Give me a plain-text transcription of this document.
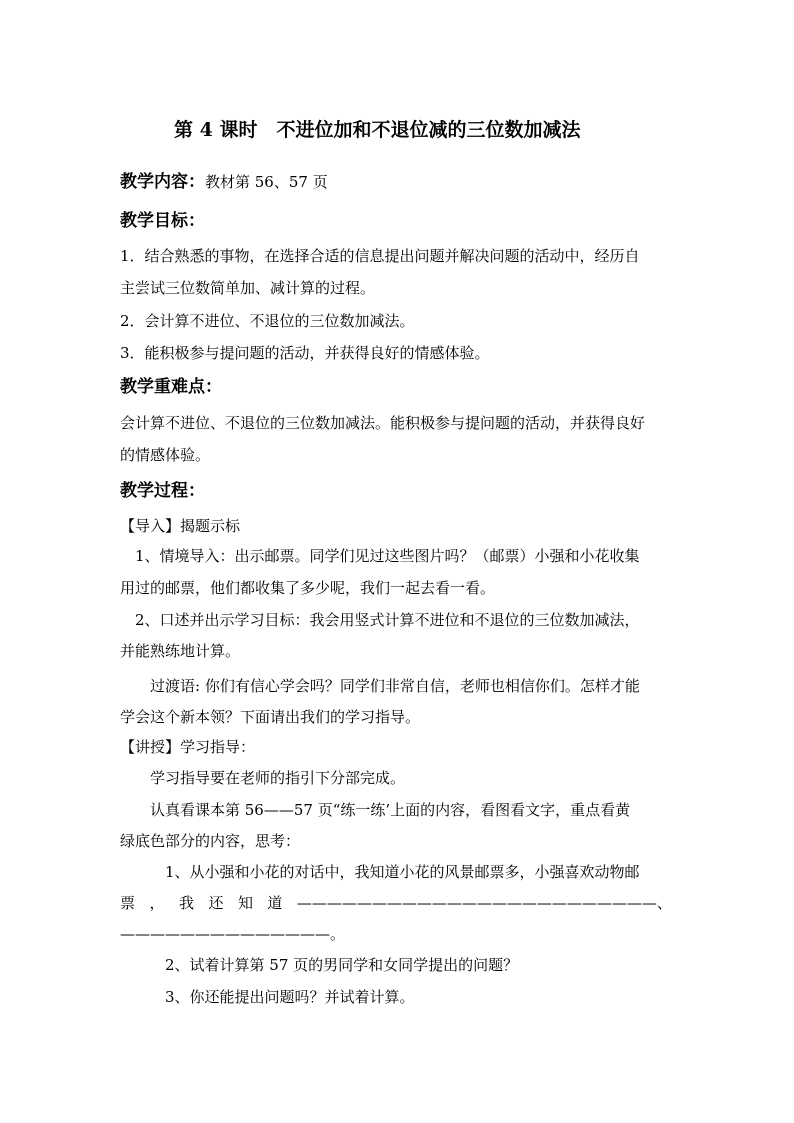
第 4 课时　不进位加和不退位减的三位数加减法
教学内容：教材第 56、57 页
教学目标：
1．结合熟悉的事物，在选择合适的信息提出问题并解决问题的活动中，经历自
主尝试三位数简单加、减计算的过程。
2．会计算不进位、不退位的三位数加减法。
3．能积极参与提问题的活动，并获得良好的情感体验。
教学重难点：
会计算不进位、不退位的三位数加减法。能积极参与提问题的活动，并获得良好
的情感体验。
教学过程：
【导入】揭题示标
1、情境导入：出示邮票。同学们见过这些图片吗？（邮票）小强和小花收集
用过的邮票，他们都收集了多少呢，我们一起去看一看。
2、口述并出示学习目标：我会用竖式计算不进位和不退位的三位数加减法，
并能熟练地计算。
过渡语: 你们有信心学会吗？同学们非常自信，老师也相信你们。怎样才能
学会这个新本领？下面请出我们的学习指导。
【讲授】学习指导：
学习指导要在老师的指引下分部完成。
认真看课本第 56——57 页“练一练’上面的内容，看图看文字，重点看黄
绿底色部分的内容，思考：
1、从小强和小花的对话中，我知道小花的风景邮票多，小强喜欢动物邮
票 ， 我 还 知 道 ————————————————————————、
——————————————。
2、试着计算第 57 页的男同学和女同学提出的问题？
3、你还能提出问题吗？并试着计算。
